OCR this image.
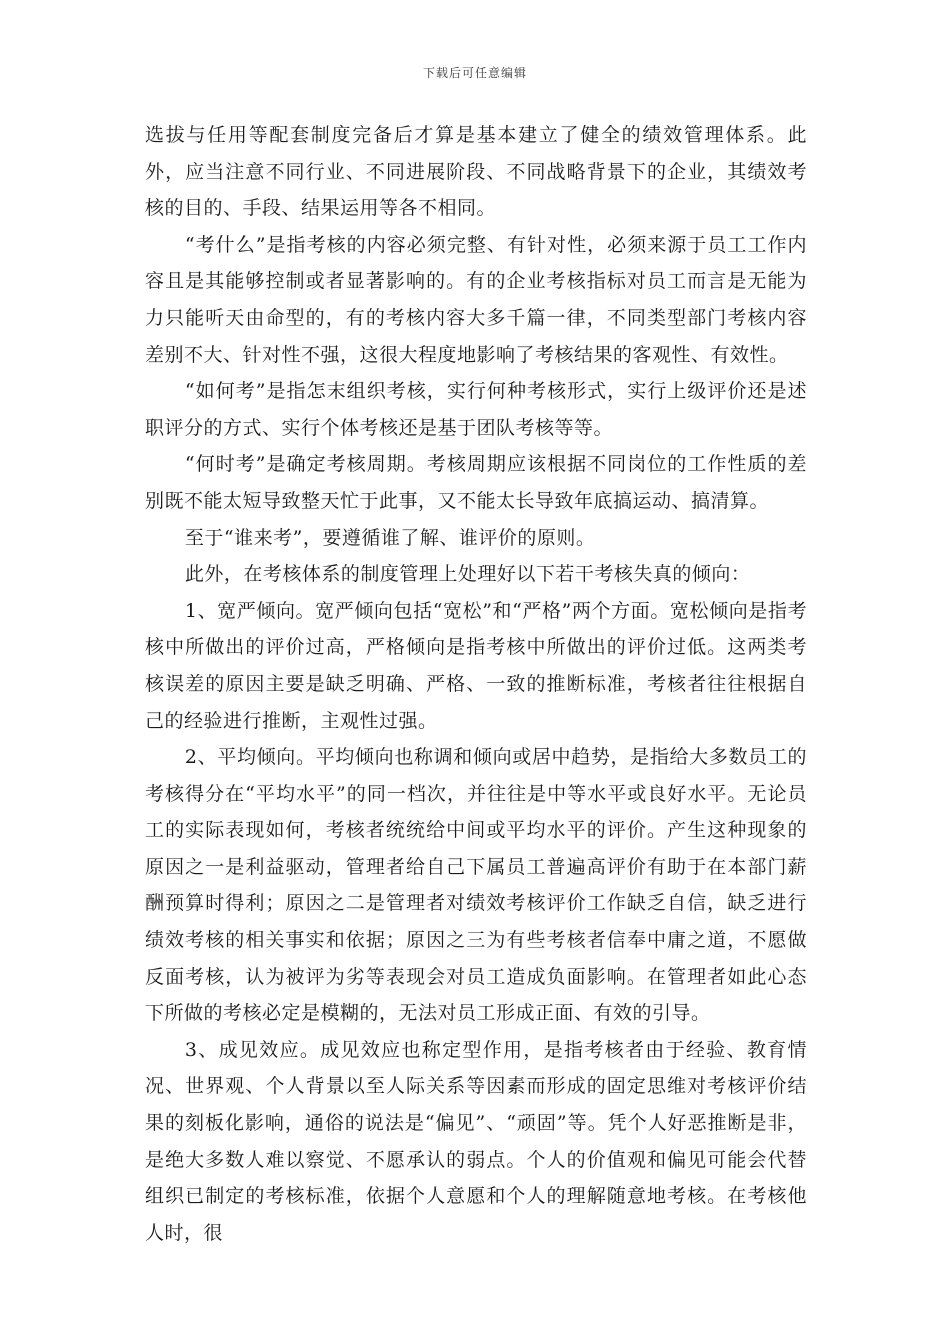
下载后可任意编辑

选拔与任用等配套制度完备后才算是基本建立了健全的绩效管理体系。此外，应当注意不同行业、不同进展阶段、不同战略背景下的企业，其绩效考核的目的、手段、结果运用等各不相同。

“考什么”是指考核的内容必须完整、有针对性，必须来源于员工工作内容且是其能够控制或者显著影响的。有的企业考核指标对员工而言是无能为力只能听天由命型的，有的考核内容大多千篇一律，不同类型部门考核内容差别不大、针对性不强，这很大程度地影响了考核结果的客观性、有效性。

“如何考”是指怎末组织考核，实行何种考核形式，实行上级评价还是述职评分的方式、实行个体考核还是基于团队考核等等。

“何时考”是确定考核周期。考核周期应该根据不同岗位的工作性质的差别既不能太短导致整天忙于此事，又不能太长导致年底搞运动、搞清算。

至于“谁来考”，要遵循谁了解、谁评价的原则。

此外，在考核体系的制度管理上处理好以下若干考核失真的倾向：

1、宽严倾向。宽严倾向包括“宽松”和“严格”两个方面。宽松倾向是指考核中所做出的评价过高，严格倾向是指考核中所做出的评价过低。这两类考核误差的原因主要是缺乏明确、严格、一致的推断标准，考核者往往根据自己的经验进行推断，主观性过强。

2、平均倾向。平均倾向也称调和倾向或居中趋势，是指给大多数员工的考核得分在“平均水平”的同一档次，并往往是中等水平或良好水平。无论员工的实际表现如何，考核者统统给中间或平均水平的评价。产生这种现象的原因之一是利益驱动，管理者给自己下属员工普遍高评价有助于在本部门薪酬预算时得利；原因之二是管理者对绩效考核评价工作缺乏自信，缺乏进行绩效考核的相关事实和依据；原因之三为有些考核者信奉中庸之道，不愿做反面考核，认为被评为劣等表现会对员工造成负面影响。在管理者如此心态下所做的考核必定是模糊的，无法对员工形成正面、有效的引导。

3、成见效应。成见效应也称定型作用，是指考核者由于经验、教育情况、世界观、个人背景以至人际关系等因素而形成的固定思维对考核评价结果的刻板化影响，通俗的说法是“偏见”、“顽固”等。凭个人好恶推断是非，是绝大多数人难以察觉、不愿承认的弱点。个人的价值观和偏见可能会代替组织已制定的考核标准，依据个人意愿和个人的理解随意地考核。在考核他人时，很
